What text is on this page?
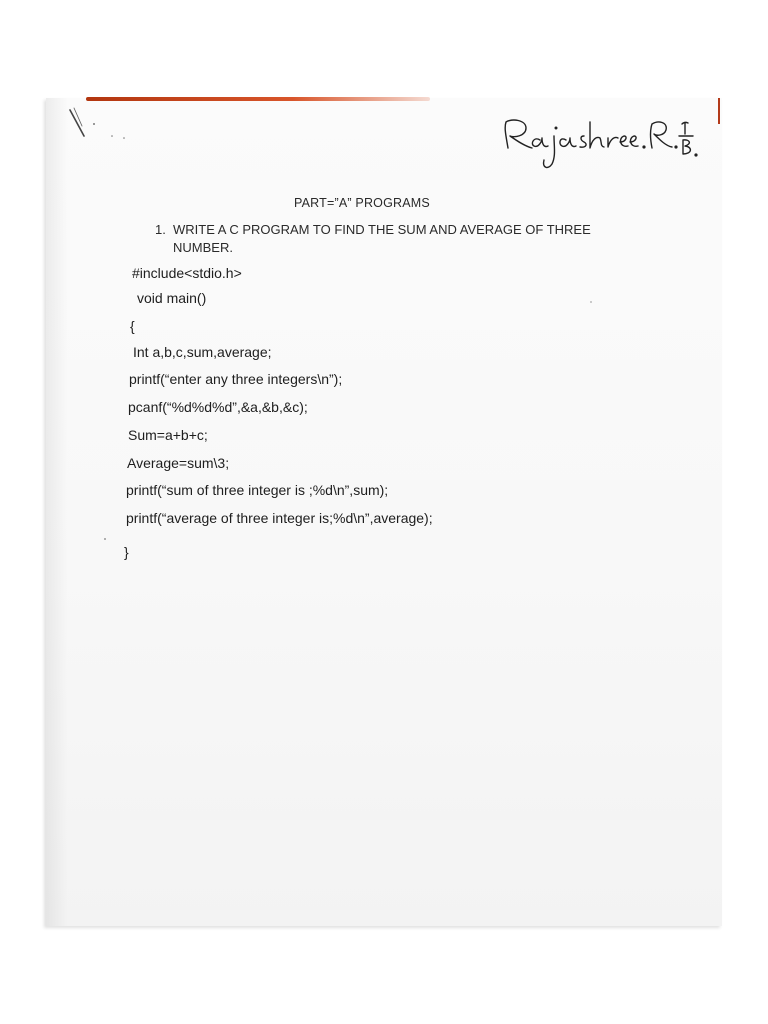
PART=”A” PROGRAMS
1. WRITE A C PROGRAM TO FIND THE SUM AND AVERAGE OF THREE
NUMBER.
#include<stdio.h>
void main()
{
Int a,b,c,sum,average;
printf(“enter any three integers\n”);
pcanf(“%d%d%d”,&a,&b,&c);
Sum=a+b+c;
Average=sum\3;
printf(“sum of three integer is ;%d\n”,sum);
printf(“average of three integer is;%d\n”,average);
}
